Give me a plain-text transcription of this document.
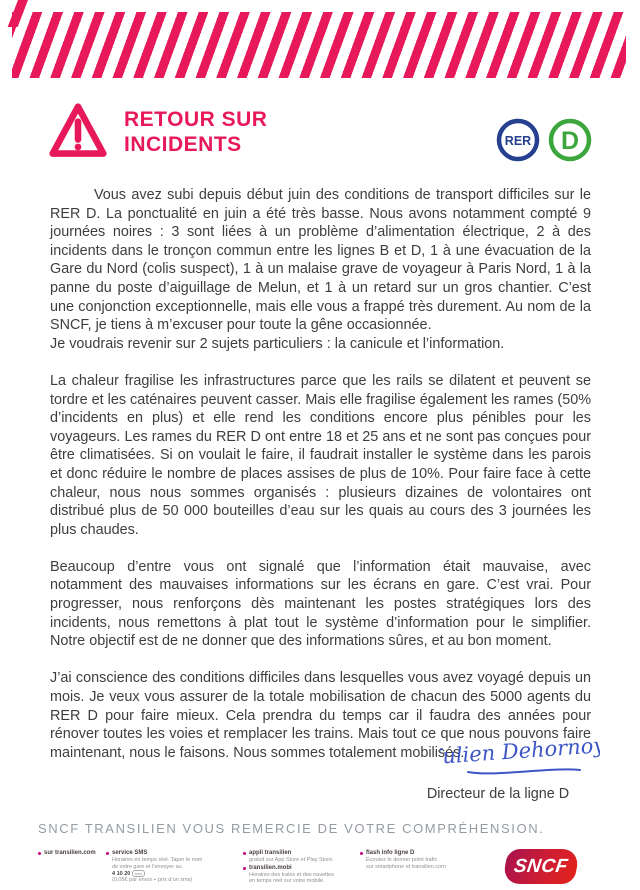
RETOUR SUR
INCIDENTS	RER D

Vous avez subi depuis début juin des conditions de transport difficiles sur le RER D. La ponctualité en juin a été très basse. Nous avons notamment compté 9 journées noires : 3 sont liées à un problème d’alimentation électrique, 2 à des incidents dans le tronçon commun entre les lignes B et D, 1 à une évacuation de la Gare du Nord (colis suspect), 1 à un malaise grave de voyageur à Paris Nord, 1 à la panne du poste d’aiguillage de Melun, et 1 à un retard sur un gros chantier. C’est une conjonction exceptionnelle, mais elle vous a frappé très durement. Au nom de la SNCF, je tiens à m’excuser pour toute la gêne occasionnée.

Je voudrais revenir sur 2 sujets particuliers : la canicule et l’information.

La chaleur fragilise les infrastructures parce que les rails se dilatent et peuvent se tordre et les caténaires peuvent casser. Mais elle fragilise également les rames (50% d’incidents en plus) et elle rend les conditions encore plus pénibles pour les voyageurs. Les rames du RER D ont entre 18 et 25 ans et ne sont pas conçues pour être climatisées. Si on voulait le faire, il faudrait installer le système dans les parois et donc réduire le nombre de places assises de plus de 10%. Pour faire face à cette chaleur, nous nous sommes organisés : plusieurs dizaines de volontaires ont distribué plus de 50 000 bouteilles d’eau sur les quais au cours des 3 journées les plus chaudes.

Beaucoup d’entre vous ont signalé que l’information était mauvaise, avec notamment des mauvaises informations sur les écrans en gare. C’est vrai. Pour progresser, nous renforçons dès maintenant les postes stratégiques lors des incidents, nous remettons à plat tout le système d’information pour le simplifier. Notre objectif est de ne donner que des informations sûres, et au bon moment.

J’ai conscience des conditions difficiles dans lesquelles vous avez voyagé depuis un mois. Je veux vous assurer de la totale mobilisation de chacun des 5000 agents du RER D pour faire mieux. Cela prendra du temps car il faudra des années pour rénover toutes les voies et remplacer les trains. Mais tout ce que nous pouvons faire maintenant, nous le faisons. Nous sommes totalement mobilisés.

Julien Dehornoy
Directeur de la ligne D
SNCF TRANSILIEN VOUS REMERCIE DE VOTRE COMPRÉHENSION.
sur transilien.com	service SMS
Horaires en temps réel. Taper le nom
de votre gare et l’envoyer au
4 10 20 sms
(0,05€ par envoi + prix d’un sms)
appli transilien
gratuit sur App Store et Play Store.
transilien.mobi
Horaires des trains et des navettes
en temps réel sur votre mobile.
flash info ligne D
Écoutez le dernier point trafic
sur smartphone et transilien.com	SNCF
